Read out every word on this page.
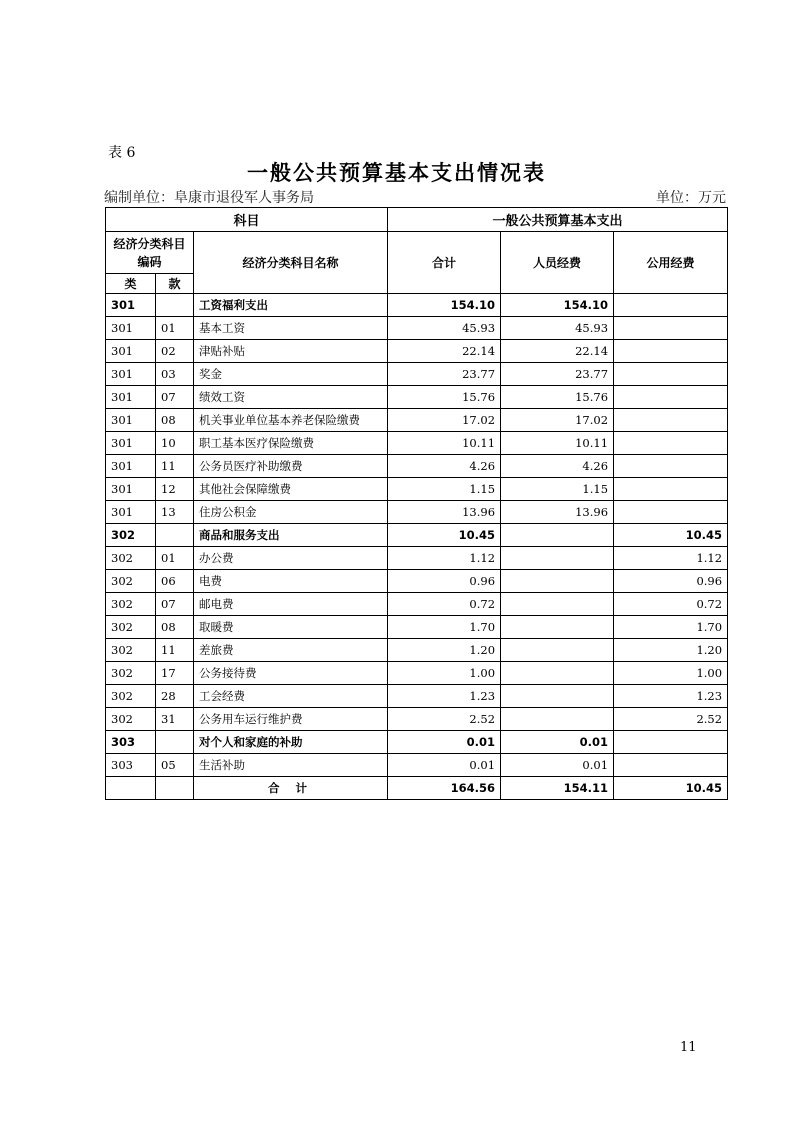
表 6
一般公共预算基本支出情况表
编制单位：阜康市退役军人事务局	单位：万元
科目			一般公共预算基本支出		
经济分类科目编码		经济分类科目名称	合计	人员经费	公用经费
类	款				
301		工资福利支出	154.10	154.10	
301	01	基本工资	45.93	45.93	
301	02	津贴补贴	22.14	22.14	
301	03	奖金	23.77	23.77	
301	07	绩效工资	15.76	15.76	
301	08	机关事业单位基本养老保险缴费	17.02	17.02	
301	10	职工基本医疗保险缴费	10.11	10.11	
301	11	公务员医疗补助缴费	4.26	4.26	
301	12	其他社会保障缴费	1.15	1.15	
301	13	住房公积金	13.96	13.96	
302		商品和服务支出	10.45		10.45
302	01	办公费	1.12		1.12
302	06	电费	0.96		0.96
302	07	邮电费	0.72		0.72
302	08	取暖费	1.70		1.70
302	11	差旅费	1.20		1.20
302	17	公务接待费	1.00		1.00
302	28	工会经费	1.23		1.23
302	31	公务用车运行维护费	2.52		2.52
303		对个人和家庭的补助	0.01	0.01	
303	05	生活补助	0.01	0.01	
		合 计	164.56	154.11	10.45
11
